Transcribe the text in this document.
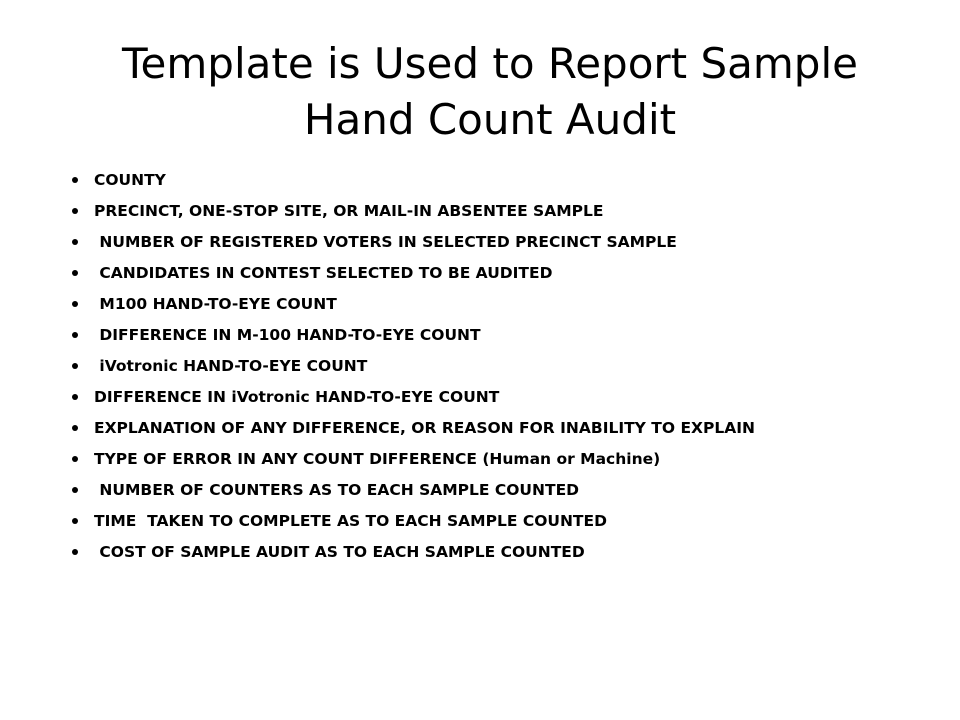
Template is Used to Report Sample
Hand Count Audit
COUNTY
PRECINCT, ONE-STOP SITE, OR MAIL-IN ABSENTEE SAMPLE
NUMBER OF REGISTERED VOTERS IN SELECTED PRECINCT SAMPLE
CANDIDATES IN CONTEST SELECTED TO BE AUDITED
M100 HAND-TO-EYE COUNT
DIFFERENCE IN M-100 HAND-TO-EYE COUNT
iVotronic HAND-TO-EYE COUNT
DIFFERENCE IN iVotronic HAND-TO-EYE COUNT
EXPLANATION OF ANY DIFFERENCE, OR REASON FOR INABILITY TO EXPLAIN
TYPE OF ERROR IN ANY COUNT DIFFERENCE (Human or Machine)
NUMBER OF COUNTERS AS TO EACH SAMPLE COUNTED
TIME  TAKEN TO COMPLETE AS TO EACH SAMPLE COUNTED
COST OF SAMPLE AUDIT AS TO EACH SAMPLE COUNTED
